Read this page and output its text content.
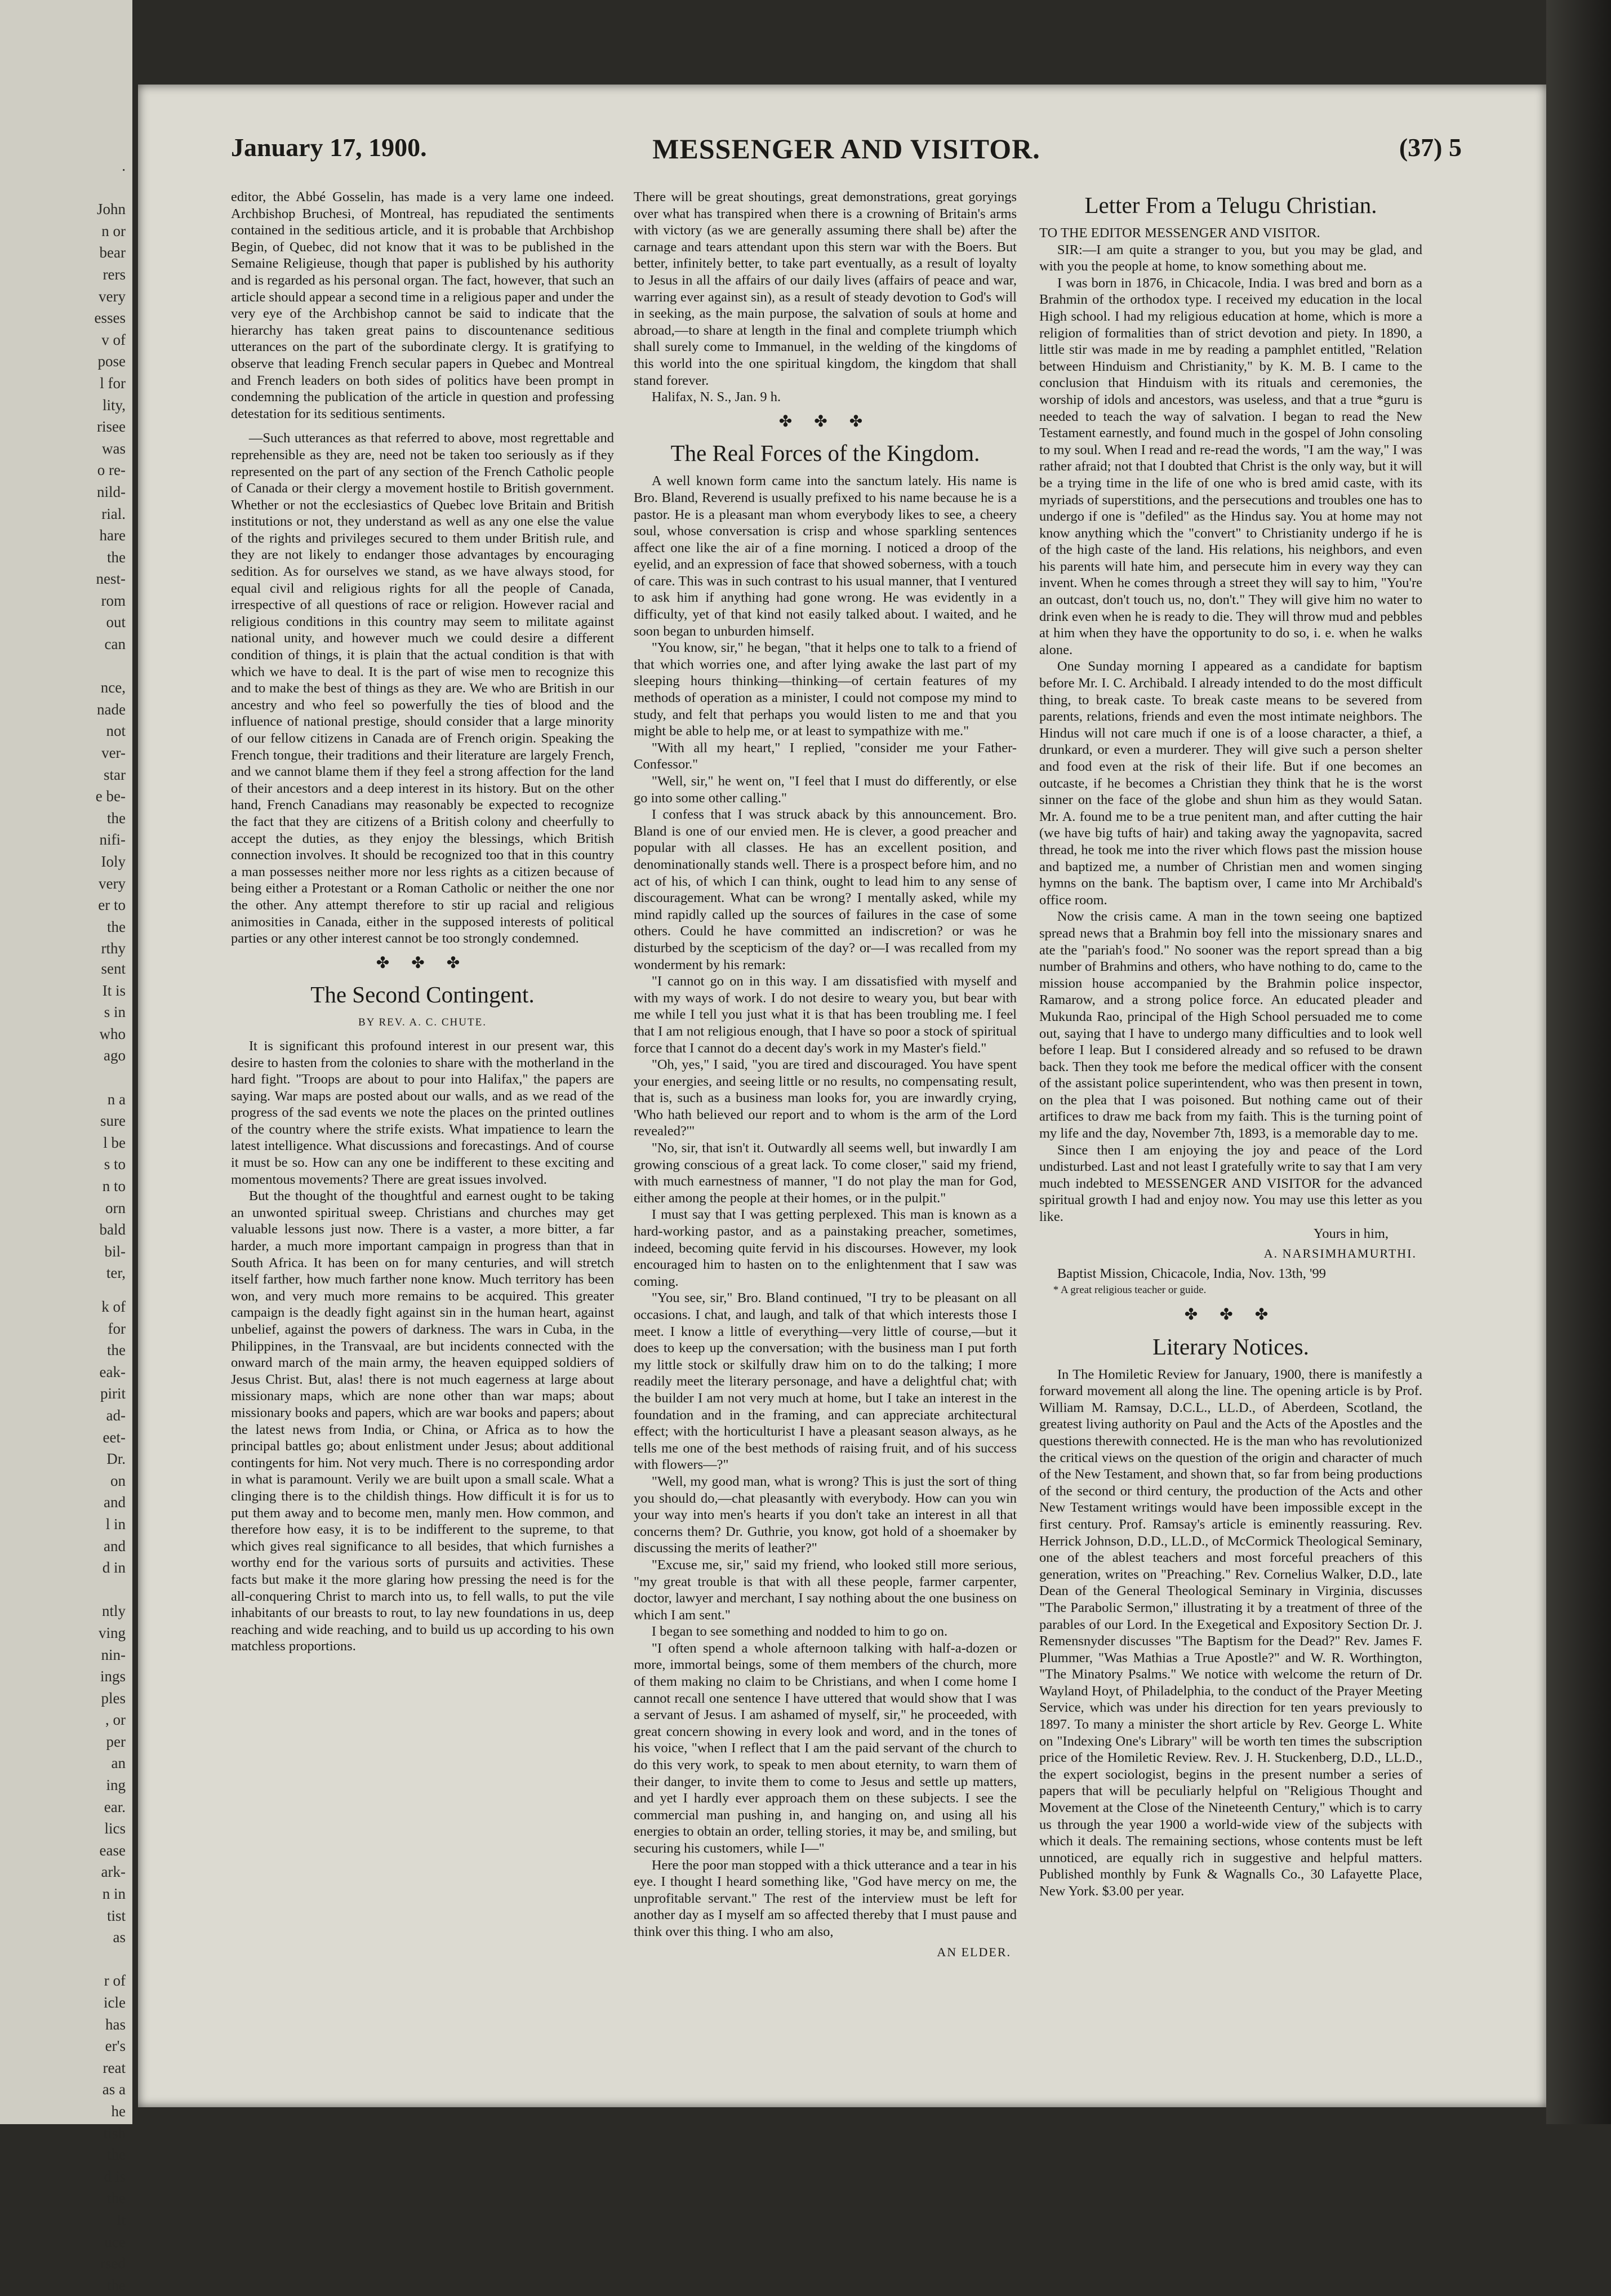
.

John
n or
bear
rers
very
esses
v of
pose
l for
lity,
risee
was
o re-
nild-
rial.
hare
the
nest-
rom
out
can

nce,
nade
not
ver-
star
e be-
the
nifi-
Ioly
very
er to
the
rthy
sent
It is
s in
who
ago

n a
sure
l be
s to
n to
orn
bald
bil-
ter,
k of
for
the
eak-
pirit
ad-
eet-
Dr.
on
and
l in
and
d in

ntly
ving
nin-
ings
ples
, or
per
an
ing
ear.
lics
ease
ark-
n in
tist
as

r of
icle
has
er's
reat
as a
he
tish
the
d is
the
It
uce
rsed
the
January 17, 1900.	MESSENGER AND VISITOR.	(37) 5

editor, the Abbé Gosselin, has made is a very lame one indeed. Archbishop Bruchesi, of Montreal, has repudiated the sentiments contained in the seditious article, and it is probable that Archbishop Begin, of Quebec, did not know that it was to be published in the Semaine Religieuse, though that paper is published by his authority and is regarded as his personal organ. The fact, however, that such an article should appear a second time in a religious paper and under the very eye of the Archbishop cannot be said to indicate that the hierarchy has taken great pains to discountenance seditious utterances on the part of the subordinate clergy. It is gratifying to observe that leading French secular papers in Quebec and Montreal and French leaders on both sides of politics have been prompt in condemning the publication of the article in question and professing detestation for its seditious sentiments.

—Such utterances as that referred to above, most regrettable and reprehensible as they are, need not be taken too seriously as if they represented on the part of any section of the French Catholic people of Canada or their clergy a movement hostile to British government. Whether or not the ecclesiastics of Quebec love Britain and British institutions or not, they understand as well as any one else the value of the rights and privileges secured to them under British rule, and they are not likely to endanger those advantages by encouraging sedition. As for ourselves we stand, as we have always stood, for equal civil and religious rights for all the people of Canada, irrespective of all questions of race or religion. However racial and religious conditions in this country may seem to militate against national unity, and however much we could desire a different condition of things, it is plain that the actual condition is that with which we have to deal. It is the part of wise men to recognize this and to make the best of things as they are. We who are British in our ancestry and who feel so powerfully the ties of blood and the influence of national prestige, should consider that a large minority of our fellow citizens in Canada are of French origin. Speaking the French tongue, their traditions and their literature are largely French, and we cannot blame them if they feel a strong affection for the land of their ancestors and a deep interest in its history. But on the other hand, French Canadians may reasonably be expected to recognize the fact that they are citizens of a British colony and cheerfully to accept the duties, as they enjoy the blessings, which British connection involves. It should be recognized too that in this country a man possesses neither more nor less rights as a citizen because of being either a Protestant or a Roman Catholic or neither the one nor the other. Any attempt therefore to stir up racial and religious animosities in Canada, either in the supposed interests of political parties or any other interest cannot be too strongly condemned.

✤ ✤ ✤
The Second Contingent.
BY REV. A. C. CHUTE.

It is significant this profound interest in our present war, this desire to hasten from the colonies to share with the motherland in the hard fight. "Troops are about to pour into Halifax," the papers are saying. War maps are posted about our walls, and as we read of the progress of the sad events we note the places on the printed outlines of the country where the strife exists. What impatience to learn the latest intelligence. What discussions and forecastings. And of course it must be so. How can any one be indifferent to these exciting and momentous movements? There are great issues involved.

But the thought of the thoughtful and earnest ought to be taking an unwonted spiritual sweep. Christians and churches may get valuable lessons just now. There is a vaster, a more bitter, a far harder, a much more important campaign in progress than that in South Africa. It has been on for many centuries, and will stretch itself farther, how much farther none know. Much territory has been won, and very much more remains to be acquired. This greater campaign is the deadly fight against sin in the human heart, against unbelief, against the powers of darkness. The wars in Cuba, in the Philippines, in the Transvaal, are but incidents connected with the onward march of the main army, the heaven equipped soldiers of Jesus Christ. But, alas! there is not much eagerness at large about missionary maps, which are none other than war maps; about missionary books and papers, which are war books and papers; about the latest news from India, or China, or Africa as to how the principal battles go; about enlistment under Jesus; about additional contingents for him. Not very much. There is no corresponding ardor in what is paramount. Verily we are built upon a small scale. What a clinging there is to the childish things. How difficult it is for us to put them away and to become men, manly men. How common, and therefore how easy, it is to be indifferent to the supreme, to that which gives real significance to all besides, that which furnishes a worthy end for the various sorts of pursuits and activities. These facts but make it the more glaring how pressing the need is for the all-conquering Christ to march into us, to fell walls, to put the vile inhabitants of our breasts to rout, to lay new foundations in us, deep reaching and wide reaching, and to build us up according to his own matchless proportions.

There will be great shoutings, great demonstrations, great goryings over what has transpired when there is a crowning of Britain's arms with victory (as we are generally assuming there shall be) after the carnage and tears attendant upon this stern war with the Boers. But better, infinitely better, to take part eventually, as a result of loyalty to Jesus in all the affairs of our daily lives (affairs of peace and war, warring ever against sin), as a result of steady devotion to God's will in seeking, as the main purpose, the salvation of souls at home and abroad,—to share at length in the final and complete triumph which shall surely come to Immanuel, in the welding of the kingdoms of this world into the one spiritual kingdom, the kingdom that shall stand forever.

Halifax, N. S., Jan. 9 h.

✤ ✤ ✤
The Real Forces of the Kingdom.

A well known form came into the sanctum lately. His name is Bro. Bland, Reverend is usually prefixed to his name because he is a pastor. He is a pleasant man whom everybody likes to see, a cheery soul, whose conversation is crisp and whose sparkling sentences affect one like the air of a fine morning. I noticed a droop of the eyelid, and an expression of face that showed soberness, with a touch of care. This was in such contrast to his usual manner, that I ventured to ask him if anything had gone wrong. He was evidently in a difficulty, yet of that kind not easily talked about. I waited, and he soon began to unburden himself.

"You know, sir," he began, "that it helps one to talk to a friend of that which worries one, and after lying awake the last part of my sleeping hours thinking—thinking—of certain features of my methods of operation as a minister, I could not compose my mind to study, and felt that perhaps you would listen to me and that you might be able to help me, or at least to sympathize with me."

"With all my heart," I replied, "consider me your Father-Confessor."

"Well, sir," he went on, "I feel that I must do differently, or else go into some other calling."

I confess that I was struck aback by this announcement. Bro. Bland is one of our envied men. He is clever, a good preacher and popular with all classes. He has an excellent position, and denominationally stands well. There is a prospect before him, and no act of his, of which I can think, ought to lead him to any sense of discouragement. What can be wrong? I mentally asked, while my mind rapidly called up the sources of failures in the case of some others. Could he have committed an indiscretion? or was he disturbed by the scepticism of the day? or—I was recalled from my wonderment by his remark:

"I cannot go on in this way. I am dissatisfied with myself and with my ways of work. I do not desire to weary you, but bear with me while I tell you just what it is that has been troubling me. I feel that I am not religious enough, that I have so poor a stock of spiritual force that I cannot do a decent day's work in my Master's field."

"Oh, yes," I said, "you are tired and discouraged. You have spent your energies, and seeing little or no results, no compensating result, that is, such as a business man looks for, you are inwardly crying, 'Who hath believed our report and to whom is the arm of the Lord revealed?'"

"No, sir, that isn't it. Outwardly all seems well, but inwardly I am growing conscious of a great lack. To come closer," said my friend, with much earnestness of manner, "I do not play the man for God, either among the people at their homes, or in the pulpit."

I must say that I was getting perplexed. This man is known as a hard-working pastor, and as a painstaking preacher, sometimes, indeed, becoming quite fervid in his discourses. However, my look encouraged him to hasten on to the enlightenment that I saw was coming.

"You see, sir," Bro. Bland continued, "I try to be pleasant on all occasions. I chat, and laugh, and talk of that which interests those I meet. I know a little of everything—very little of course,—but it does to keep up the conversation; with the business man I put forth my little stock or skilfully draw him on to do the talking; I more readily meet the literary personage, and have a delightful chat; with the builder I am not very much at home, but I take an interest in the foundation and in the framing, and can appreciate architectural effect; with the horticulturist I have a pleasant season always, as he tells me one of the best methods of raising fruit, and of his success with flowers—?"

"Well, my good man, what is wrong? This is just the sort of thing you should do,—chat pleasantly with everybody. How can you win your way into men's hearts if you don't take an interest in all that concerns them? Dr. Guthrie, you know, got hold of a shoemaker by discussing the merits of leather?"

"Excuse me, sir," said my friend, who looked still more serious, "my great trouble is that with all these people, farmer carpenter, doctor, lawyer and merchant, I say nothing about the one business on which I am sent."

I began to see something and nodded to him to go on.

"I often spend a whole afternoon talking with half-a-dozen or more, immortal beings, some of them members of the church, more of them making no claim to be Christians, and when I come home I cannot recall one sentence I have uttered that would show that I was a servant of Jesus. I am ashamed of myself, sir," he proceeded, with great concern showing in every look and word, and in the tones of his voice, "when I reflect that I am the paid servant of the church to do this very work, to speak to men about eternity, to warn them of their danger, to invite them to come to Jesus and settle up matters, and yet I hardly ever approach them on these subjects. I see the commercial man pushing in, and hanging on, and using all his energies to obtain an order, telling stories, it may be, and smiling, but securing his customers, while I—"

Here the poor man stopped with a thick utterance and a tear in his eye. I thought I heard something like, "God have mercy on me, the unprofitable servant." The rest of the interview must be left for another day as I myself am so affected thereby that I must pause and think over this thing. I who am also,

AN ELDER.
Letter From a Telugu Christian.

TO THE EDITOR MESSENGER AND VISITOR.

SIR:—I am quite a stranger to you, but you may be glad, and with you the people at home, to know something about me.

I was born in 1876, in Chicacole, India. I was bred and born as a Brahmin of the orthodox type. I received my education in the local High school. I had my religious education at home, which is more a religion of formalities than of strict devotion and piety. In 1890, a little stir was made in me by reading a pamphlet entitled, "Relation between Hinduism and Christianity," by K. M. B. I came to the conclusion that Hinduism with its rituals and ceremonies, the worship of idols and ancestors, was useless, and that a true *guru is needed to teach the way of salvation. I began to read the New Testament earnestly, and found much in the gospel of John consoling to my soul. When I read and re-read the words, "I am the way," I was rather afraid; not that I doubted that Christ is the only way, but it will be a trying time in the life of one who is bred amid caste, with its myriads of superstitions, and the persecutions and troubles one has to undergo if one is "defiled" as the Hindus say. You at home may not know anything which the "convert" to Christianity undergo if he is of the high caste of the land. His relations, his neighbors, and even his parents will hate him, and persecute him in every way they can invent. When he comes through a street they will say to him, "You're an outcast, don't touch us, no, don't." They will give him no water to drink even when he is ready to die. They will throw mud and pebbles at him when they have the opportunity to do so, i. e. when he walks alone.

One Sunday morning I appeared as a candidate for baptism before Mr. I. C. Archibald. I already intended to do the most difficult thing, to break caste. To break caste means to be severed from parents, relations, friends and even the most intimate neighbors. The Hindus will not care much if one is of a loose character, a thief, a drunkard, or even a murderer. They will give such a person shelter and food even at the risk of their life. But if one becomes an outcaste, if he becomes a Christian they think that he is the worst sinner on the face of the globe and shun him as they would Satan. Mr. A. found me to be a true penitent man, and after cutting the hair (we have big tufts of hair) and taking away the yagnopavita, sacred thread, he took me into the river which flows past the mission house and baptized me, a number of Christian men and women singing hymns on the bank. The baptism over, I came into Mr Archibald's office room.

Now the crisis came. A man in the town seeing one baptized spread news that a Brahmin boy fell into the missionary snares and ate the "pariah's food." No sooner was the report spread than a big number of Brahmins and others, who have nothing to do, came to the mission house accompanied by the Brahmin police inspector, Ramarow, and a strong police force. An educated pleader and Mukunda Rao, principal of the High School persuaded me to come out, saying that I have to undergo many difficulties and to look well before I leap. But I considered already and so refused to be drawn back. Then they took me before the medical officer with the consent of the assistant police superintendent, who was then present in town, on the plea that I was poisoned. But nothing came out of their artifices to draw me back from my faith. This is the turning point of my life and the day, November 7th, 1893, is a memorable day to me.

Since then I am enjoying the joy and peace of the Lord undisturbed. Last and not least I gratefully write to say that I am very much indebted to MESSENGER AND VISITOR for the advanced spiritual growth I had and enjoy now. You may use this letter as you like.

Yours in him,

A. NARSIMHAMURTHI.

Baptist Mission, Chicacole, India, Nov. 13th, '99

* A great religious teacher or guide.

✤ ✤ ✤
Literary Notices.

In The Homiletic Review for January, 1900, there is manifestly a forward movement all along the line. The opening article is by Prof. William M. Ramsay, D.C.L., LL.D., of Aberdeen, Scotland, the greatest living authority on Paul and the Acts of the Apostles and the questions therewith connected. He is the man who has revolutionized the critical views on the question of the origin and character of much of the New Testament, and shown that, so far from being productions of the second or third century, the production of the Acts and other New Testament writings would have been impossible except in the first century. Prof. Ramsay's article is eminently reassuring. Rev. Herrick Johnson, D.D., LL.D., of McCormick Theological Seminary, one of the ablest teachers and most forceful preachers of this generation, writes on "Preaching." Rev. Cornelius Walker, D.D., late Dean of the General Theological Seminary in Virginia, discusses "The Parabolic Sermon," illustrating it by a treatment of three of the parables of our Lord. In the Exegetical and Expository Section Dr. J. Remensnyder discusses "The Baptism for the Dead?" Rev. James F. Plummer, "Was Mathias a True Apostle?" and W. R. Worthington, "The Minatory Psalms." We notice with welcome the return of Dr. Wayland Hoyt, of Philadelphia, to the conduct of the Prayer Meeting Service, which was under his direction for ten years previously to 1897. To many a minister the short article by Rev. George L. White on "Indexing One's Library" will be worth ten times the subscription price of the Homiletic Review. Rev. J. H. Stuckenberg, D.D., LL.D., the expert sociologist, begins in the present number a series of papers that will be peculiarly helpful on "Religious Thought and Movement at the Close of the Nineteenth Century," which is to carry us through the year 1900 a world-wide view of the subjects with which it deals. The remaining sections, whose contents must be left unnoticed, are equally rich in suggestive and helpful matters. Published monthly by Funk & Wagnalls Co., 30 Lafayette Place, New York. $3.00 per year.
